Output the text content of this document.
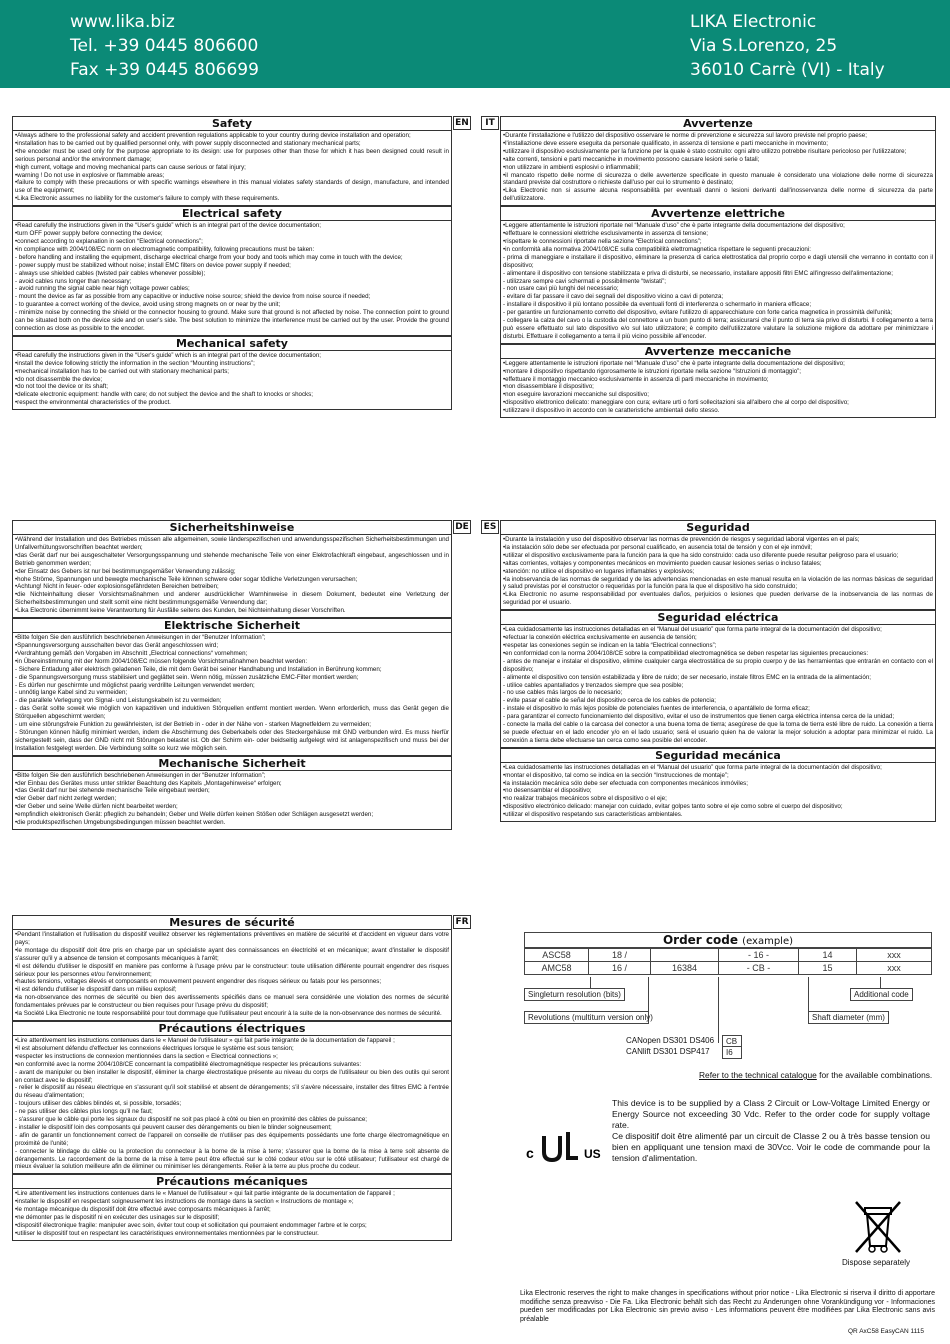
www.lika.biz
Tel. +39 0445 806600
Fax +39 0445 806699
LIKA Electronic
Via S.Lorenzo, 25
36010 Carrè (VI) - Italy
Safety	EN

•Always adhere to the professional safety and accident prevention regulations applicable to your country during device installation and operation;

•installation has to be carried out by qualified personnel only, with power supply disconnected and stationary mechanical parts;

•the encoder must be used only for the purpose appropriate to its design: use for purposes other than those for which it has been designed could result in serious personal and/or the environment damage;

•high current, voltage and moving mechanical parts can cause serious or fatal injury;

•warning ! Do not use in explosive or flammable areas;

•failure to comply with these precautions or with specific warnings elsewhere in this manual violates safety standards of design, manufacture, and intended use of the equipment;

•Lika Electronic assumes no liability for the customer's failure to comply with these requirements.

Electrical safety

•Read carefully the instructions given in the “User's guide” which is an integral part of the device documentation;

•turn OFF power supply before connecting the device;

•connect according to explanation in section “Electrical connections”;

•in compliance with 2004/108/EC norm on electromagnetic compatibility, following precautions must be taken:

- before handling and installing the equipment, discharge electrical charge from your body and tools which may come in touch with the device;

- power supply must be stabilized without noise; install EMC filters on device power supply if needed;

- always use shielded cables (twisted pair cables whenever possible);

- avoid cables runs longer than necessary;

- avoid running the signal cable near high voltage power cables;

- mount the device as far as possible from any capacitive or inductive noise source; shield the device from noise source if needed;

- to guarantee a correct working of the device, avoid using strong magnets on or near by the unit;

- minimize noise by connecting the shield or the connector housing to ground. Make sure that ground is not affected by noise. The connection point to ground can be situated both on the device side and on user's side. The best solution to minimize the interference must be carried out by the user. Provide the ground connection as close as possible to the encoder.

Mechanical safety

•Read carefully the instructions given in the “User's guide” which is an integral part of the device documentation;

•install the device following strictly the information in the section “Mounting instructions”;

•mechanical installation has to be carried out with stationary mechanical parts;

•do not disassemble the device;

•do not tool the device or its shaft;

•delicate electronic equipment: handle with care; do not subject the device and the shaft to knocks or shocks;

•respect the environmental characteristics of the product.

Avvertenze
IT

•Durante l'installazione e l'utilizzo del dispositivo osservare le norme di prevenzione e sicurezza sul lavoro previste nel proprio paese;

•l'installazione deve essere eseguita da personale qualificato, in assenza di tensione e parti meccaniche in movimento;

•utilizzare il dispositivo esclusivamente per la funzione per la quale è stato costruito: ogni altro utilizzo potrebbe risultare pericoloso per l'utilizzatore;

•alte correnti, tensioni e parti meccaniche in movimento possono causare lesioni serie o fatali;

•non utilizzare in ambienti esplosivi o infiammabili;

•il mancato rispetto delle norme di sicurezza o delle avvertenze specificate in questo manuale è considerato una violazione delle norme di sicurezza standard previste dal costruttore o richieste dall'uso per cui lo strumento è destinato;

•Lika Electronic non si assume alcuna responsabilità per eventuali danni o lesioni derivanti dall'inosservanza delle norme di sicurezza da parte dell'utilizzatore.

Avvertenze elettriche

•Leggere attentamente le istruzioni riportate nel “Manuale d'uso” che è parte integrante della documentazione del dispositivo;

•effettuare le connessioni elettriche esclusivamente in assenza di tensione;

•rispettare le connessioni riportate nella sezione “Electrical connections”;

•in conformità alla normativa 2004/108/CE sulla compatibilità elettromagnetica rispettare le seguenti precauzioni:

- prima di maneggiare e installare il dispositivo, eliminare la presenza di carica elettrostatica dal proprio corpo e dagli utensili che verranno in contatto con il dispositivo;

- alimentare il dispositivo con tensione stabilizzata e priva di disturbi, se necessario, installare appositi filtri EMC all'ingresso dell'alimentazione;

- utilizzare sempre cavi schermati e possibilmente “twistati”;

- non usare cavi più lunghi del necessario;

- evitare di far passare il cavo dei segnali del dispositivo vicino a cavi di potenza;

- installare il dispositivo il più lontano possibile da eventuali fonti di interferenza o schermarlo in maniera efficace;

- per garantire un funzionamento corretto del dispositivo, evitare l'utilizzo di apparecchiature con forte carica magnetica in prossimità dell'unità;

- collegare la calza del cavo o la custodia del connettore a un buon punto di terra; assicurarsi che il punto di terra sia privo di disturbi. Il collegamento a terra può essere effettuato sul lato dispositivo e/o sul lato utilizzatore; è compito dell'utilizzatore valutare la soluzione migliore da adottare per minimizzare i disturbi. Effettuare il collegamento a terra il più vicino possibile all'encoder.

Avvertenze meccaniche

•Leggere attentamente le istruzioni riportate nel “Manuale d'uso” che è parte integrante della documentazione del dispositivo;

•montare il dispositivo rispettando rigorosamente le istruzioni riportate nella sezione “Istruzioni di montaggio”;

•effettuare il montaggio meccanico esclusivamente in assenza di parti meccaniche in movimento;

•non disassemblare il dispositivo;

•non eseguire lavorazioni meccaniche sul dispositivo;

•dispositivo elettronico delicato: maneggiare con cura; evitare urti o forti sollecitazioni sia all'albero che al corpo del dispositivo;

•utilizzare il dispositivo in accordo con le caratteristiche ambientali dello stesso.

Sicherheitshinweise	DE

•Während der Installation und des Betriebes müssen alle allgemeinen, sowie länderspezifischen und anwendungsspezifischen Sicherheitsbestimmungen und Unfallverhütungsvorschriften beachtet werden;

•das Gerät darf nur bei ausgeschalteter Versorgungsspannung und stehende mechanische Teile von einer Elektrofachkraft eingebaut, angeschlossen und in Betrieb genommen werden;

•der Einsatz des Gebers ist nur bei bestimmungsgemäßer Verwendung zulässig;

•hohe Ströme, Spannungen und bewegte mechanische Teile können schwere oder sogar tödliche Verletzungen verursachen;

•Achtung! Nicht in feuer- oder explosionsgefährdeten Bereichen betreiben;

•die Nichteinhaltung dieser Vorsichtsmaßnahmen und anderer ausdrücklicher Warnhinweise in diesem Dokument, bedeutet eine Verletzung der Sicherheitsbestimmungen und stellt somit eine nicht bestimmungsgemäße Verwendung dar;

•Lika Electronic übernimmt keine Verantwortung für Ausfälle seitens des Kunden, bei Nichteinhaltung dieser Vorschriften.

Elektrische Sicherheit

•Bitte folgen Sie den ausführlich beschriebenen Anweisungen in der “Benutzer Information”;

•Spannungsversorgung ausschalten bevor das Gerät angeschlossen wird;

•Verdrahtung gemäß den Vorgaben im Abschnitt „Electrical connections“ vornehmen;

•in Übereinstimmung mit der Norm 2004/108/EC müssen folgende Vorsichtsmaßnahmen beachtet werden:

- Sichere Entladung aller elektrisch geladenen Teile, die mit dem Gerät bei seiner Handhabung und Installation in Berührung kommen;

- die Spannungsversorgung muss stabilisiert und geglättet sein. Wenn nötig, müssen zusätzliche EMC-Filter montiert werden;

- Es dürfen nur geschirmte und möglichst paarig verdrillte Leitungen verwendet werden;

- unnötig lange Kabel sind zu vermeiden;

- die parallele Verlegung von Signal- und Leistungskabeln ist zu vermeiden;

- das Gerät sollte soweit wie möglich von kapazitiven und induktiven Störquellen entfernt montiert werden. Wenn erforderlich, muss das Gerät gegen die Störquellen abgeschirmt werden;

- um eine störungsfreie Funktion zu gewährleisten, ist der Betrieb in - oder in der Nähe von - starken Magnetfeldern zu vermeiden;

- Störungen können häufig minimiert werden, indem die Abschirmung des Geberkabels oder des Steckergehäuse mit GND verbunden wird. Es muss hierfür sichergestellt sein, dass der GND nicht mit Störungen belastet ist. Ob der Schirm ein- oder beidseitig aufgelegt wird ist anlagenspezifisch und muss bei der Installation festgelegt werden. Die Verbindung sollte so kurz wie möglich sein.

Mechanische Sicherheit

•Bitte folgen Sie den ausführlich beschriebenen Anweisungen in der “Benutzer Information”;

•der Einbau des Gerätes muss unter strikter Beachtung des Kapitels „Montagehinweise“ erfolgen;

•das Gerät darf nur bei stehende mechanische Teile eingebaut werden;

•der Geber darf nicht zerlegt werden;

•der Geber und seine Welle dürfen nicht bearbeitet werden;

•empfindlich elektronisch Gerät: pfleglich zu behandeln; Geber und Welle dürfen keinen Stößen oder Schlägen ausgesetzt werden;

•die produktspezifischen Umgebungsbedingungen müssen beachtet werden.

Seguridad
ES

•Durante la instalación y uso del dispositivo observar las normas de prevención de riesgos y seguridad laboral vigentes en el país;

•la instalación sólo debe ser efectuada por personal cualificado, en ausencia total de tensión y con el eje inmóvil;

•utilizar el dispositivo exclusivamente para la función para la que ha sido construido: cada uso diferente puede resultar peligroso para el usuario;

•altas corrientes, voltajes y componentes mecánicos en movimiento pueden causar lesiones serias o incluso fatales;

•atención: no utilice el dispositivo en lugares inflamables y explosivos;

•la inobservancia de las normas de seguridad y de las advertencias mencionadas en este manual resulta en la violación de las normas básicas de seguridad y salud previstas por el constructor o requeridas por la función para la que el dispositivo ha sido construido;

•Lika Electronic no asume responsabilidad por eventuales daños, perjuicios o lesiones que pueden derivarse de la inobservancia de las normas de seguridad por el usuario.

Seguridad eléctrica

•Lea cuidadosamente las instrucciones detalladas en el “Manual del usuario” que forma parte integral de la documentación del dispositivo;

•efectuar la conexión eléctrica exclusivamente en ausencia de tensión;

•respetar las conexiones según se indican en la tabla “Electrical connections”;

•en conformidad con la norma 2004/108/CE sobre la compatibilidad electromagnética se deben respetar las siguientes precauciones:

- antes de manejar e instalar el dispositivo, elimine cualquier carga electrostática de su propio cuerpo y de las herramientas que entrarán en contacto con el dispositivo;

- alimente el dispositivo con tensión estabilizada y libre de ruido; de ser necesario, instale filtros EMC en la entrada de la alimentación;

- utilice cables apantallados y trenzados siempre que sea posible;

- no use cables más largos de lo necesario;

- evite pasar el cable de señal del dispositivo cerca de los cables de potencia;

- instale el dispositivo lo más lejos posible de potenciales fuentes de interferencia, o apantállelo de forma eficaz;

- para garantizar el correcto funcionamiento del dispositivo, evitar el uso de instrumentos que tienen carga eléctrica intensa cerca de la unidad;

- conecte la malla del cable o la carcasa del conector a una buena toma de tierra; asegúrese de que la toma de tierra esté libre de ruido. La conexión a tierra se puede efectuar en el lado encoder y/o en el lado usuario; será el usuario quien ha de valorar la mejor solución a adoptar para minimizar el ruido. La conexión a tierra debe efectuarse tan cerca como sea posible del encoder.

Seguridad mecánica

•Lea cuidadosamente las instrucciones detalladas en el “Manual del usuario” que forma parte integral de la documentación del dispositivo;

•montar el dispositivo, tal como se indica en la sección “Instrucciones de montaje”;

•la instalación mecánica sólo debe ser efectuada con componentes mecánicos inmóviles;

•no desensamblar el dispositivo;

•no realizar trabajos mecánicos sobre el dispositivo o el eje;

•dispositivo electrónico delicado: manejar con cuidado, evitar golpes tanto sobre el eje como sobre el cuerpo del dispositivo;

•utilizar el dispositivo respetando sus características ambientales.

Mesures de sécurité	FR

•Pendant l'installation et l'utilisation du dispositif veuillez observer les réglementations préventives en matière de sécurité et d'accident en vigueur dans votre pays;

•le montage du dispositif doit être pris en charge par un spécialiste ayant des connaissances en électricité et en mécanique; avant d'installer le dispositif s'assurer qu'il y a absence de tension et composants mécaniques à l'arrêt;

•il est défendu d'utiliser le dispositif en manière pas conforme à l'usage prévu par le constructeur: toute utilisation différente pourrait engendrer des risques sérieux pour les personnes et/ou l'environnement;

•hautes tensions, voltages élevés et composants en mouvement peuvent engendrer des risques sérieux ou fatals pour les personnes;

•il est défendu d'utiliser le dispositif dans un milieu explosif;

•la non-observance des normes de sécurité ou bien des avertissements spécifiés dans ce manuel sera considérée une violation des normes de sécurité fondamentales prévues par le constructeur ou bien requises pour l'usage prévu du dispositif;

•la Société Lika Electronic ne toute responsabilité pour tout dommage que l'utilisateur peut encourir à la suite de la non-observance des normes de sécurité.

Précautions électriques

•Lire attentivement les instructions contenues dans le « Manuel de l'utilisateur » qui fait partie intégrante de la documentation de l'appareil ;

•il est absolument défendu d'effectuer les connexions électriques lorsque le système est sous tension;

•respecter les instructions de connexion mentionnées dans la section « Electrical connections »;

•en conformité avec la norme 2004/108/CE concernant la compatibilité électromagnétique respecter les précautions suivantes:

- avant de manipuler ou bien installer le dispositif, éliminer la charge électrostatique présente au niveau du corps de l'utilisateur ou bien des outils qui seront en contact avec le dispositif;

- relier le dispositif au réseau électrique en s'assurant qu'il soit stabilisé et absent de dérangements; s'il s'avère nécessaire, installer des filtres EMC à l'entrée du réseau d'alimentation;

- toujours utiliser des câbles blindés et, si possible, torsadés;

- ne pas utiliser des câbles plus longs qu'il ne faut;

- s'assurer que le câble qui porte les signaux du dispositif ne soit pas placé à côté ou bien en proximité des câbles de puissance;

- installer le dispositif loin des composants qui peuvent causer des dérangements ou bien le blinder soigneusement;

- afin de garantir un fonctionnement correct de l'appareil on conseille de n'utiliser pas des équipements possédants une forte charge électromagnétique en proximité de l'unité;

- connecter le blindage du câble ou la protection du connecteur à la borne de la mise à terre; s'assurer que la borne de la mise à terre soit absente de dérangements. Le raccordement de la borne de la mise à terre peut être effectué sur le côté codeur et/ou sur le côté utilisateur; l'utilisateur est chargé de mieux évaluer la solution meilleure afin de éliminer ou minimiser les dérangements. Relier à la terre au plus proche du codeur.

Précautions mécaniques

•Lire attentivement les instructions contenues dans le « Manuel de l'utilisateur » qui fait partie intégrante de la documentation de l'appareil ;

•installer le dispositif en respectant soigneusement les instructions de montage dans la section « Instructions de montage »;

•le montage mécanique du dispositif doit être effectué avec composants mécaniques à l'arrêt;

•ne démonter pas le dispositif ni en exécuter des usinages sur le dispositif;

•dispositif électronique fragile: manipuler avec soin, éviter tout coup et sollicitation qui pourraient endommager l'arbre et le corps;

•utiliser le dispositif tout en respectant les caractéristiques environnementales mentionnées par le constructeur.

Order code (example)
ASC58	18 /		- 16 -	14	xxx
AMC58	16 /	16384	- CB -	15	xxx
Singleturn resolution (bits)	Additional code
Revolutions (multiturn version only)	Shaft diameter (mm)
CANopen DS301 DS406	CB
CANlift DS301 DSP417	I6
Refer to the technical catalogue for the available combinations.
c	US

This device is to be supplied by a Class 2 Circuit or Low-Voltage Limited Energy or Energy Source not exceeding 30 Vdc. Refer to the order code for supply voltage rate.

Ce dispositif doit être alimenté par un circuit de Classe 2 ou à très basse tension ou bien en appliquant une tension maxi de 30Vcc. Voir le code de commande pour la tension d'alimentation.

Dispose separately
Lika Electronic reserves the right to make changes in specifications without prior notice - Lika Electronic si riserva il diritto di apportare modifiche senza preavviso - Die Fa. Lika Electronic behält sich das Recht zu Änderungen ohne Vorankündigung vor - Informaciones pueden ser modificadas por Lika Electronic sin previo aviso - Les informations peuvent être modifiées par Lika Electronic sans avis préalable
QR AxC58 EasyCAN 1115
